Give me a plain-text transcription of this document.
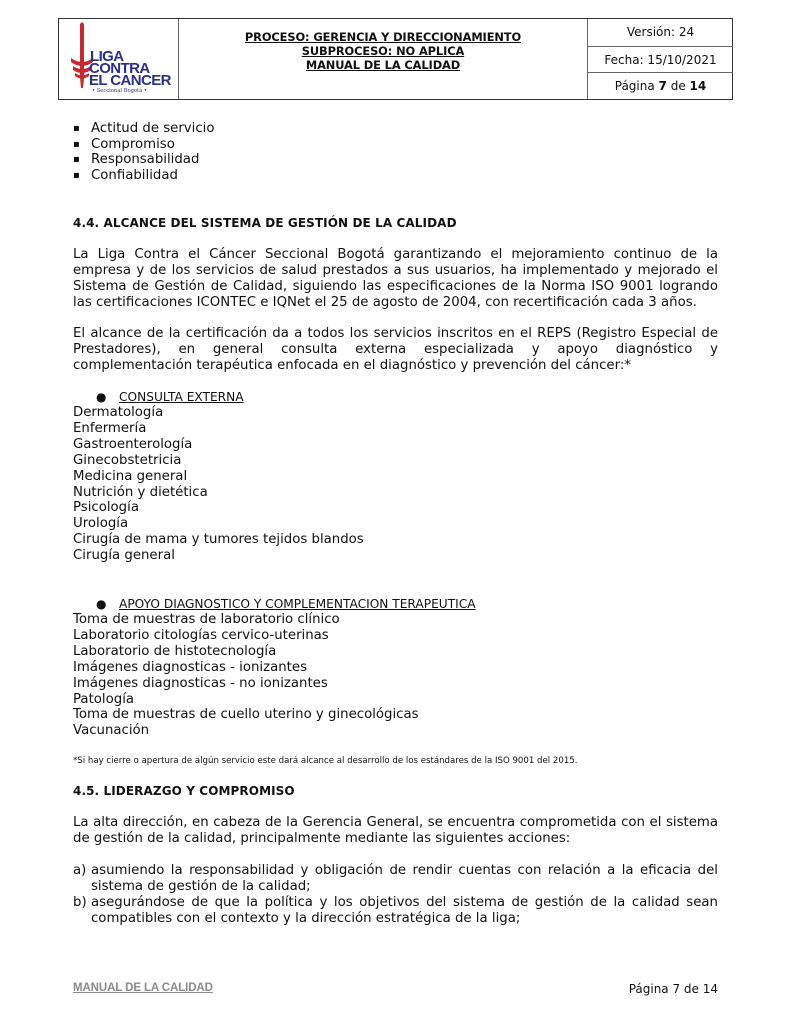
LIGA
CONTRA
EL CANCER
• Seccional Bogotá •
PROCESO: GERENCIA Y DIRECCIONAMIENTO
SUBPROCESO: NO APLICA
MANUAL DE LA CALIDAD
Versión: 24
Fecha: 15/10/2021
Página 7 de 14
▪ Actitud de servicio
▪ Compromiso
▪ Responsabilidad
▪ Confiabilidad
4.4. ALCANCE DEL SISTEMA DE GESTIÓN DE LA CALIDAD
La Liga Contra el Cáncer Seccional Bogotá garantizando el mejoramiento continuo de la empresa y de los servicios de salud prestados a sus usuarios, ha implementado y mejorado el Sistema de Gestión de Calidad, siguiendo las especificaciones de la Norma ISO 9001 logrando las certificaciones ICONTEC e IQNet el 25 de agosto de 2004, con recertificación cada 3 años.
El alcance de la certificación da a todos los servicios inscritos en el REPS (Registro Especial de Prestadores), en general consulta externa especializada y apoyo diagnóstico y complementación terapéutica enfocada en el diagnóstico y prevención del cáncer:*
● CONSULTA EXTERNA
Dermatología
Enfermería
Gastroenterología
Ginecobstetricia
Medicina general
Nutrición y dietética
Psicología
Urología
Cirugía de mama y tumores tejidos blandos
Cirugía general
● APOYO DIAGNOSTICO Y COMPLEMENTACION TERAPEUTICA
Toma de muestras de laboratorio clínico
Laboratorio citologías cervico-uterinas
Laboratorio de histotecnología
Imágenes diagnosticas - ionizantes
Imágenes diagnosticas - no ionizantes
Patología
Toma de muestras de cuello uterino y ginecológicas
Vacunación
*Si hay cierre o apertura de algún servicio este dará alcance al desarrollo de los estándares de la ISO 9001 del 2015.
4.5. LIDERAZGO Y COMPROMISO
La alta dirección, en cabeza de la Gerencia General, se encuentra comprometida con el sistema de gestión de la calidad, principalmente mediante las siguientes acciones:
a) asumiendo la responsabilidad y obligación de rendir cuentas con relación a la eficacia del sistema de gestión de la calidad;
b) asegurándose de que la política y los objetivos del sistema de gestión de la calidad sean compatibles con el contexto y la dirección estratégica de la liga;
MANUAL DE LA CALIDAD	Página 7 de 14
